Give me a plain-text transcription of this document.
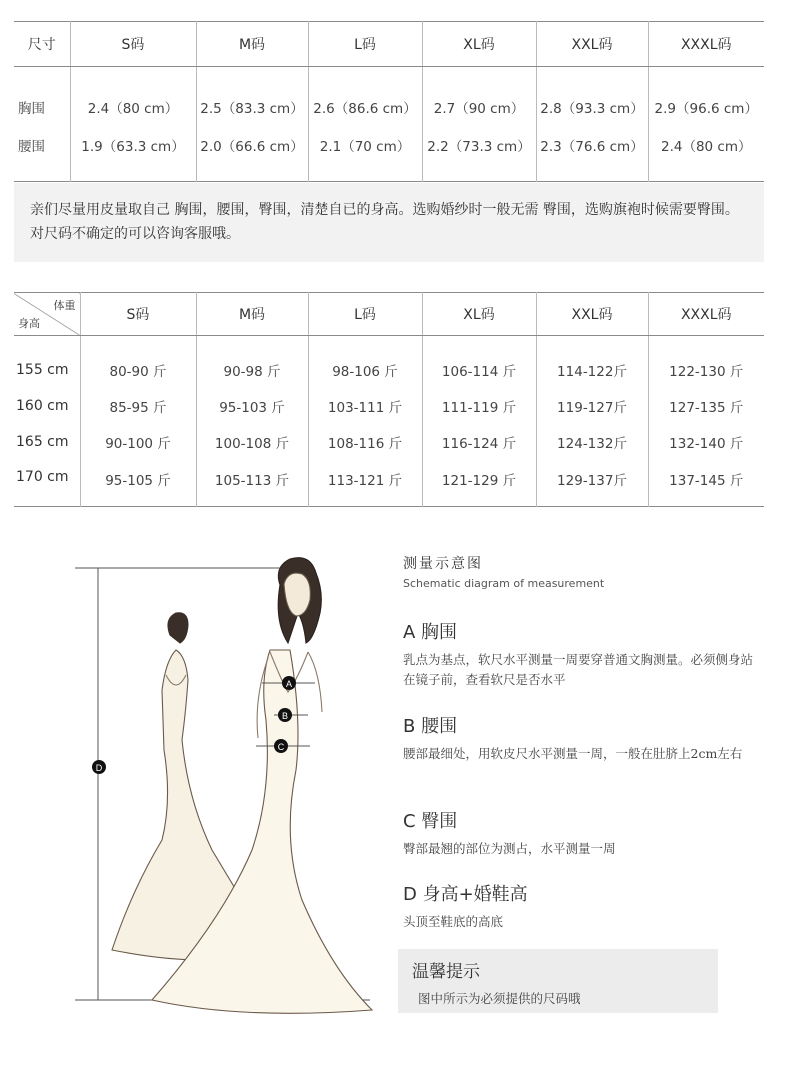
尺寸	S码	M码	L码	XL码	XXL码	XXXL码
胸围	2.4（80 cm）	2.5（83.3 cm）	2.6（86.6 cm）	2.7（90 cm）	2.8（93.3 cm）	2.9（96.6 cm）
腰围	1.9（63.3 cm）	2.0（66.6 cm）	2.1（70 cm）	2.2（73.3 cm）	2.3（76.6 cm）	2.4（80 cm）
亲们尽量用皮量取自己 胸围，腰围，臀围，清楚自已的身高。选购婚纱时一般无需 臀围，选购旗袍时候需要臀围。对尺码不确定的可以咨询客服哦。
体重
身高	S码	M码	L码	XL码	XXL码	XXXL码
155 cm	80-90 斤	90-98 斤	98-106 斤	106-114 斤	114-122斤	122-130 斤
160 cm	85-95 斤	95-103 斤	103-111 斤	111-119 斤	119-127斤	127-135 斤
165 cm	90-100 斤	100-108 斤	108-116 斤	116-124 斤	124-132斤	132-140 斤
170 cm	95-105 斤	105-113 斤	113-121 斤	121-129 斤	129-137斤	137-145 斤
A
B
C
D
测量示意图
Schematic diagram of measurement
A 胸围
乳点为基点，软尺水平测量一周要穿普通文胸测量。必须侧身站在镜子前，查看软尺是否水平
B 腰围
腰部最细处，用软皮尺水平测量一周，一般在肚脐上2cm左右
C 臀围
臀部最翘的部位为测占，水平测量一周
D 身高+婚鞋高
头顶至鞋底的高底
温馨提示
图中所示为必须提供的尺码哦
